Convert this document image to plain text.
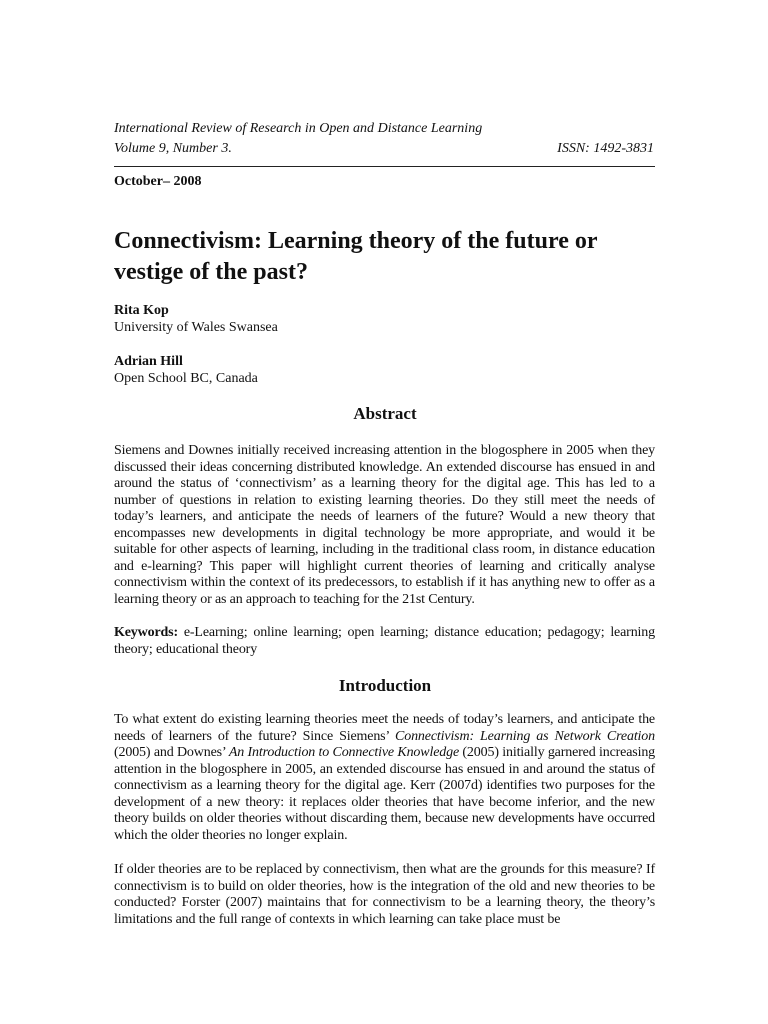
International Review of Research in Open and Distance Learning
Volume 9, Number 3.	ISSN: 1492-3831
October– 2008
Connectivism: Learning theory of the future or vestige of the past?
Rita Kop
University of Wales Swansea
Adrian Hill
Open School BC, Canada
Abstract

Siemens and Downes initially received increasing attention in the blogosphere in 2005 when they discussed their ideas concerning distributed knowledge. An extended discourse has ensued in and around the status of ‘connectivism’ as a learning theory for the digital age. This has led to a number of questions in relation to existing learning theories. Do they still meet the needs of today’s learners, and anticipate the needs of learners of the future? Would a new theory that encompasses new developments in digital technology be more appropriate, and would it be suitable for other aspects of learning, including in the traditional class room, in distance education and e-learning? This paper will highlight current theories of learning and critically analyse connectivism within the context of its predecessors, to establish if it has anything new to offer as a learning theory or as an approach to teaching for the 21st Century.

Keywords: e-Learning; online learning; open learning; distance education; pedagogy; learning theory; educational theory

Introduction

To what extent do existing learning theories meet the needs of today’s learners, and anticipate the needs of learners of the future? Since Siemens’ Connectivism: Learning as Network Creation (2005) and Downes’ An Introduction to Connective Knowledge (2005) initially garnered increasing attention in the blogosphere in 2005, an extended discourse has ensued in and around the status of connectivism as a learning theory for the digital age. Kerr (2007d) identifies two purposes for the development of a new theory: it replaces older theories that have become inferior, and the new theory builds on older theories without discarding them, because new developments have occurred which the older theories no longer explain.

If older theories are to be replaced by connectivism, then what are the grounds for this measure? If connectivism is to build on older theories, how is the integration of the old and new theories to be conducted? Forster (2007) maintains that for connectivism to be a learning theory, the theory’s limitations and the full range of contexts in which learning can take place must be
